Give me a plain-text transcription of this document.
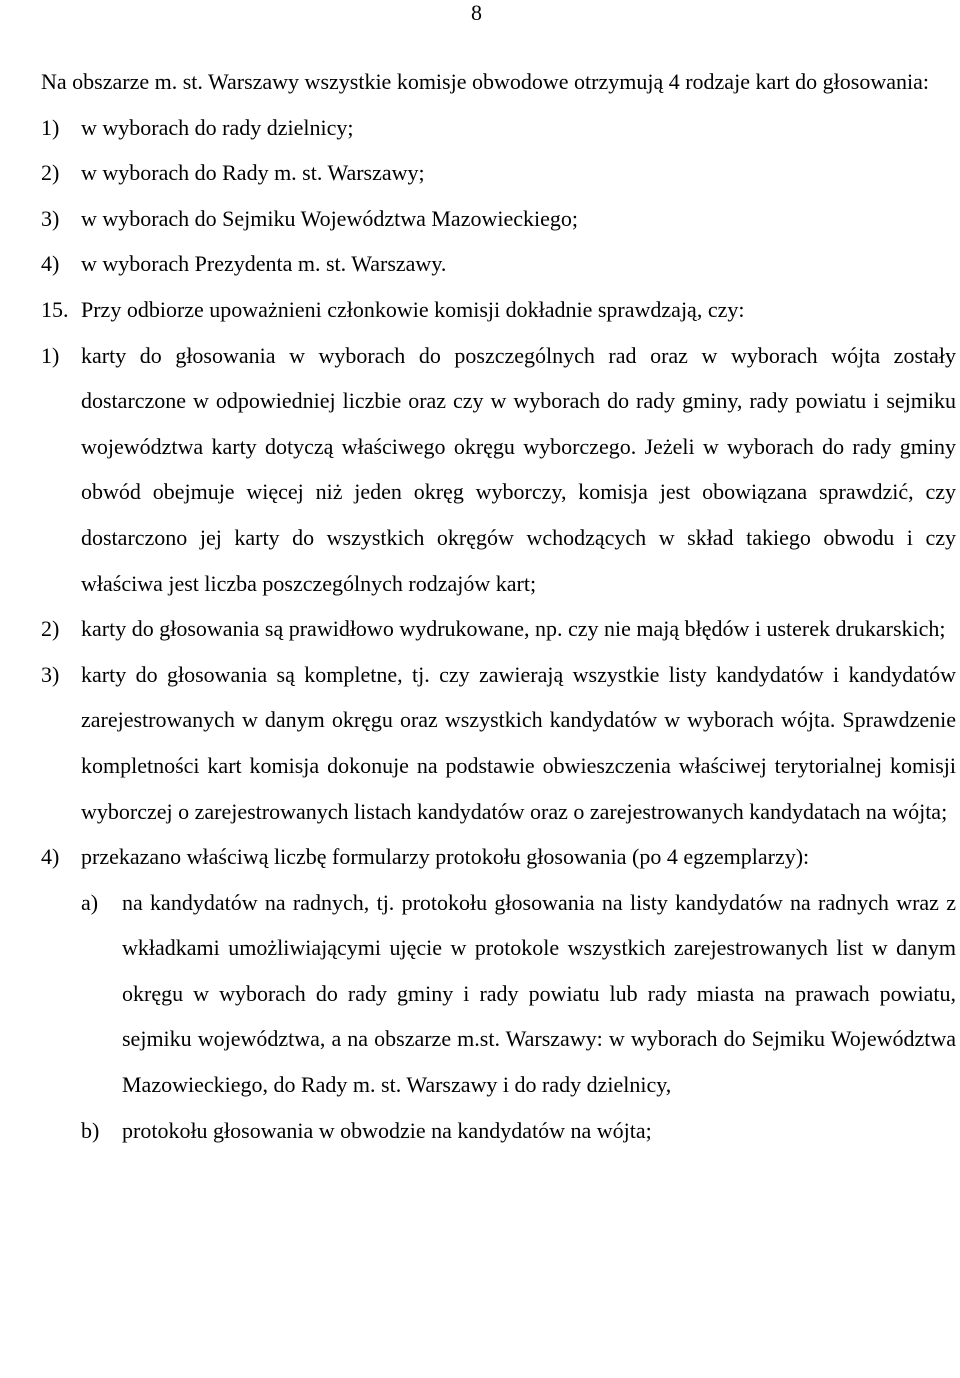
8
Na obszarze m. st. Warszawy wszystkie komisje obwodowe otrzymują 4 rodzaje kart do głosowania:
1) w wyborach do rady dzielnicy;
2) w wyborach do Rady m. st. Warszawy;
3) w wyborach do Sejmiku Województwa Mazowieckiego;
4) w wyborach Prezydenta m. st. Warszawy.
15. Przy odbiorze upoważnieni członkowie komisji dokładnie sprawdzają, czy:
1) karty do głosowania w wyborach do poszczególnych rad oraz w wyborach wójta zostały dostarczone w odpowiedniej liczbie oraz czy w wyborach do rady gminy, rady powiatu i sejmiku województwa karty dotyczą właściwego okręgu wyborczego. Jeżeli w wyborach do rady gminy obwód obejmuje więcej niż jeden okręg wyborczy, komisja jest obowiązana sprawdzić, czy dostarczono jej karty do wszystkich okręgów wchodzących w skład takiego obwodu i czy właściwa jest liczba poszczególnych rodzajów kart;
2) karty do głosowania są prawidłowo wydrukowane, np. czy nie mają błędów i usterek drukarskich;
3) karty do głosowania są kompletne, tj. czy zawierają wszystkie listy kandydatów i kandydatów zarejestrowanych w danym okręgu oraz wszystkich kandydatów w wyborach wójta. Sprawdzenie kompletności kart komisja dokonuje na podstawie obwieszczenia właściwej terytorialnej komisji wyborczej o zarejestrowanych listach kandydatów oraz o zarejestrowanych kandydatach na wójta;
4) przekazano właściwą liczbę formularzy protokołu głosowania (po 4 egzemplarzy):
a)	na kandydatów na radnych, tj. protokołu głosowania na listy kandydatów na radnych wraz z wkładkami umożliwiającymi ujęcie w protokole wszystkich zarejestrowanych list w danym okręgu w wyborach do rady gminy i rady powiatu lub rady miasta na prawach powiatu, sejmiku województwa, a na obszarze m.st. Warszawy: w wyborach do Sejmiku Województwa Mazowieckiego, do Rady m. st. Warszawy i do rady dzielnicy,
b)	protokołu głosowania w obwodzie na kandydatów na wójta;
